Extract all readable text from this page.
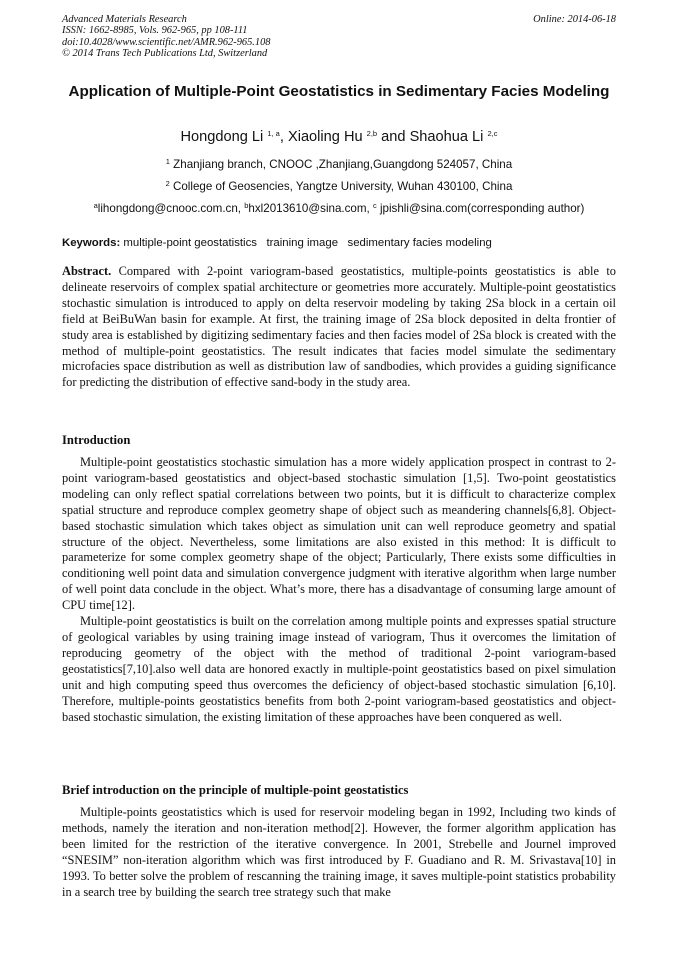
Advanced Materials Research
ISSN: 1662-8985, Vols. 962-965, pp 108-111
doi:10.4028/www.scientific.net/AMR.962-965.108
© 2014 Trans Tech Publications Ltd, Switzerland
Online: 2014-06-18
Application of Multiple-Point Geostatistics in Sedimentary Facies Modeling
Hongdong Li $^{1, a}$, Xiaoling Hu $^{2,b}$ and Shaohua Li $^{2,c}$
$^1$ Zhanjiang branch, CNOOC ,Zhanjiang,Guangdong 524057, China
$^2$ College of Geosencies, Yangtze University, Wuhan 430100, China
$^a$lihongdong@cnooc.com.cn, $^b$hxl2013610@sina.com, $^c$ jpishli@sina.com(corresponding author)
Keywords: multiple-point geostatistics   training image   sedimentary facies modeling

Abstract. Compared with 2-point variogram-based geostatistics, multiple-points geostatistics is able to delineate reservoirs of complex spatial architecture or geometries more accurately. Multiple-point geostatistics stochastic simulation is introduced to apply on delta reservoir modeling by taking 2Sa block in a certain oil field at BeiBuWan basin for example. At first, the training image of 2Sa block deposited in delta frontier of study area is established by digitizing sedimentary facies and then facies model of 2Sa block is created with the method of multiple-point geostatistics. The result indicates that facies model simulate the sedimentary microfacies space distribution as well as distribution law of sandbodies, which provides a guiding significance for predicting the distribution of effective sand-body in the study area.

Introduction

Multiple-point geostatistics stochastic simulation has a more widely application prospect in contrast to 2-point variogram-based geostatistics and object-based stochastic simulation [1,5]. Two-point geostatistics modeling can only reflect spatial correlations between two points, but it is difficult to characterize complex spatial structure and reproduce complex geometry shape of object such as meandering channels[6,8]. Object-based stochastic simulation which takes object as simulation unit can well reproduce geometry and spatial structure of the object. Nevertheless, some limitations are also existed in this method: It is difficult to parameterize for some complex geometry shape of the object; Particularly, There exists some difficulties in conditioning well point data and simulation convergence judgment with iterative algorithm when large number of well point data conclude in the object. What’s more, there has a disadvantage of consuming large amount of CPU time[12].

Multiple-point geostatistics is built on the correlation among multiple points and expresses spatial structure of geological variables by using training image instead of variogram, Thus it overcomes the limitation of reproducing geometry of the object with the method of traditional 2-point variogram-based geostatistics[7,10].also well data are honored exactly in multiple-point geostatistics based on pixel simulation unit and high computing speed thus overcomes the deficiency of object-based stochastic simulation [6,10]. Therefore, multiple-points geostatistics benefits from both 2-point variogram-based geostatistics and object-based stochastic simulation, the existing limitation of these approaches have been conquered as well.

Brief introduction on the principle of multiple-point geostatistics

Multiple-points geostatistics which is used for reservoir modeling began in 1992, Including two kinds of methods, namely the iteration and non-iteration method[2]. However, the former algorithm application has been limited for the restriction of the iterative convergence. In 2001, Strebelle and Journel improved “SNESIM” non-iteration algorithm which was first introduced by F. Guadiano and R. M. Srivastava[10] in 1993. To better solve the problem of rescanning the training image, it saves multiple-point statistics probability in a search tree by building the search tree strategy such that make
